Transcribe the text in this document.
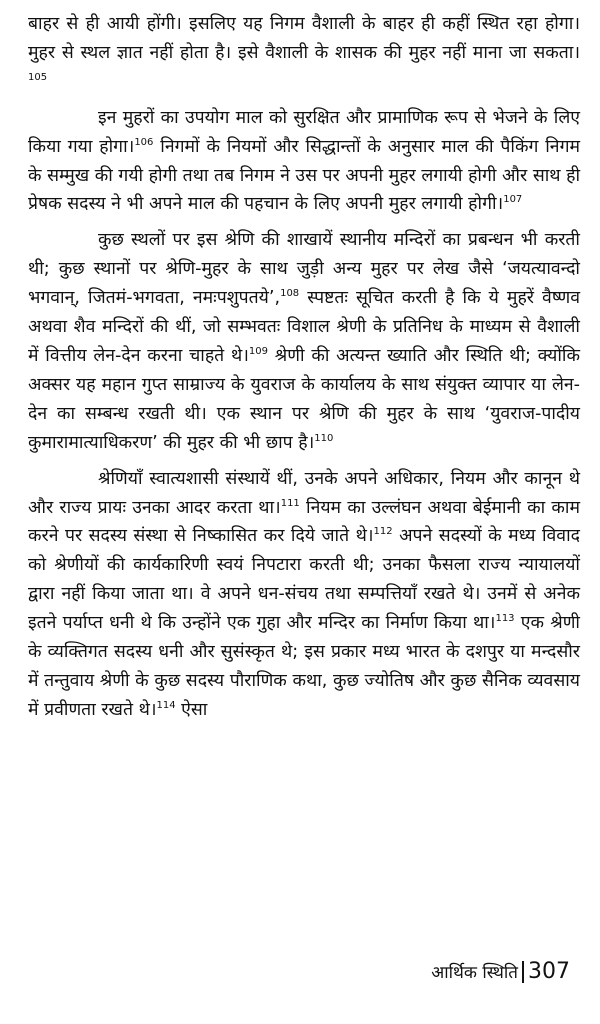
बाहर से ही आयी होंगी। इसलिए यह निगम वैशाली के बाहर ही कहीं स्थित रहा होगा। मुहर से स्थल ज्ञात नहीं होता है। इसे वैशाली के शासक की मुहर नहीं माना जा सकता।$^{105}$

इन मुहरों का उपयोग माल को सुरक्षित और प्रामाणिक रूप से भेजने के लिए किया गया होगा।$^{106}$ निगमों के नियमों और सिद्धान्तों के अनुसार माल की पैकिंग निगम के सम्मुख की गयी होगी तथा तब निगम ने उस पर अपनी मुहर लगायी होगी और साथ ही प्रेषक सदस्य ने भी अपने माल की पहचान के लिए अपनी मुहर लगायी होगी।$^{107}$

कुछ स्थलों पर इस श्रेणि की शाखायें स्थानीय मन्दिरों का प्रबन्धन भी करती थी; कुछ स्थानों पर श्रेणि-मुहर के साथ जुड़ी अन्य मुहर पर लेख जैसे ‘जयत्यावन्दो भगवान्, जितमं-भगवता, नमःपशुपतये’,$^{108}$ स्पष्टतः सूचित करती है कि ये मुहरें वैष्णव अथवा शैव मन्दिरों की थीं, जो सम्भवतः विशाल श्रेणी के प्रतिनिध के माध्यम से वैशाली में वित्तीय लेन-देन करना चाहते थे।$^{109}$ श्रेणी की अत्यन्त ख्याति और स्थिति थी; क्योंकि अक्सर यह महान गुप्त साम्राज्य के युवराज के कार्यालय के साथ संयुक्त व्यापार या लेन-देन का सम्बन्ध रखती थी। एक स्थान पर श्रेणि की मुहर के साथ ‘युवराज-पादीय कुमारामात्याधिकरण’ की मुहर की भी छाप है।$^{110}$

श्रेणियाँ स्वात्यशासी संस्थायें थीं, उनके अपने अधिकार, नियम और कानून थे और राज्य प्रायः उनका आदर करता था।$^{111}$ नियम का उल्लंघन अथवा बेईमानी का काम करने पर सदस्य संस्था से निष्कासित कर दिये जाते थे।$^{112}$ अपने सदस्यों के मध्य विवाद को श्रेणीयों की कार्यकारिणी स्वयं निपटारा करती थी; उनका फैसला राज्य न्यायालयों द्वारा नहीं किया जाता था। वे अपने धन-संचय तथा सम्पत्तियाँ रखते थे। उनमें से अनेक इतने पर्याप्त धनी थे कि उन्होंने एक गुहा और मन्दिर का निर्माण किया था।$^{113}$ एक श्रेणी के व्यक्तिगत सदस्य धनी और सुसंस्कृत थे; इस प्रकार मध्य भारत के दशपुर या मन्दसौर में तन्तुवाय श्रेणी के कुछ सदस्य पौराणिक कथा, कुछ ज्योतिष और कुछ सैनिक व्यवसाय में प्रवीणता रखते थे।$^{114}$ ऐसा

आर्थिक स्थिति 307
